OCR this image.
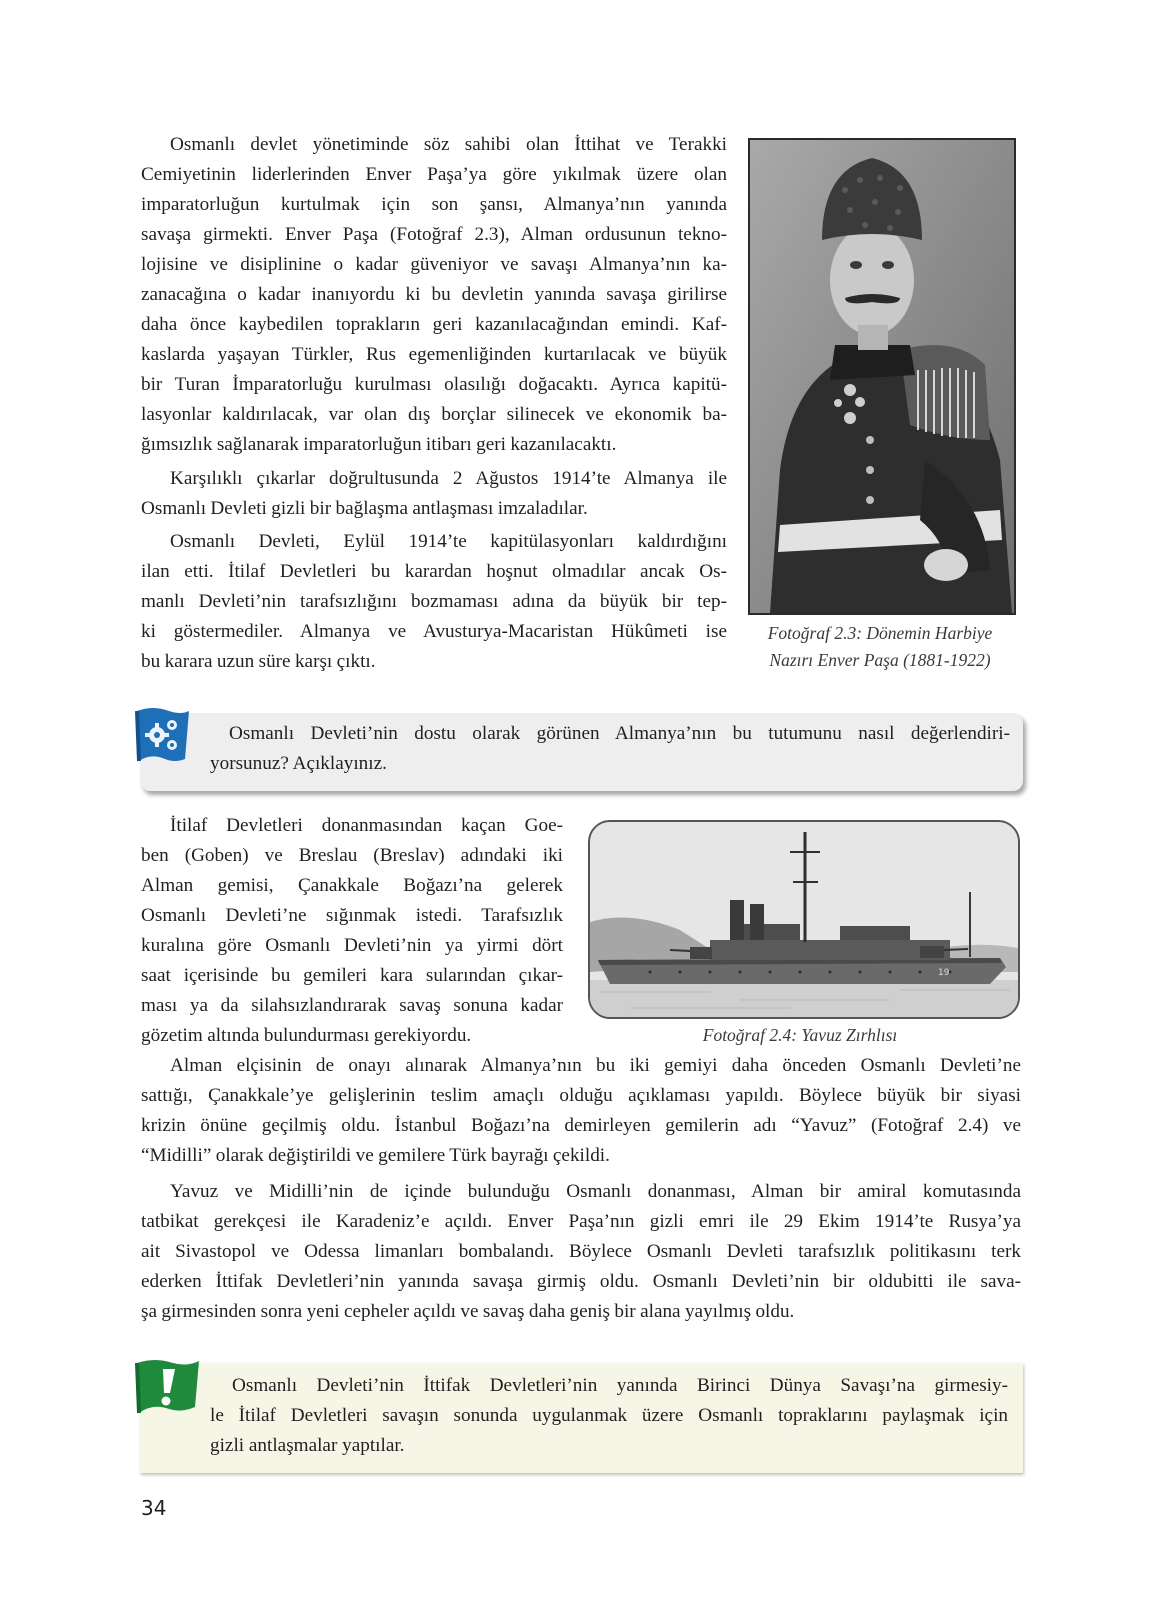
Osmanlı devlet yönetiminde söz sahibi olan İttihat ve Terakki
Cemiyetinin liderlerinden Enver Paşa’ya göre yıkılmak üzere olan
imparatorluğun kurtulmak için son şansı, Almanya’nın yanında
savaşa girmekti. Enver Paşa (Fotoğraf 2.3), Alman ordusunun tekno-
lojisine ve disiplinine o kadar güveniyor ve savaşı Almanya’nın ka-
zanacağına o kadar inanıyordu ki bu devletin yanında savaşa girilirse
daha önce kaybedilen toprakların geri kazanılacağından emindi. Kaf-
kaslarda yaşayan Türkler, Rus egemenliğinden kurtarılacak ve büyük
bir Turan İmparatorluğu kurulması olasılığı doğacaktı. Ayrıca kapitü-
lasyonlar kaldırılacak, var olan dış borçlar silinecek ve ekonomik ba-
ğımsızlık sağlanarak imparatorluğun itibarı geri kazanılacaktı.
Karşılıklı çıkarlar doğrultusunda 2 Ağustos 1914’te Almanya ile
Osmanlı Devleti gizli bir bağlaşma antlaşması imzaladılar.
Osmanlı Devleti, Eylül 1914’te kapitülasyonları kaldırdığını
ilan etti. İtilaf Devletleri bu karardan hoşnut olmadılar ancak Os-
manlı Devleti’nin tarafsızlığını bozmaması adına da büyük bir tep-
ki göstermediler. Almanya ve Avusturya-Macaristan Hükûmeti ise
bu karara uzun süre karşı çıktı.
Fotoğraf 2.3: Dönemin Harbiye
Nazırı Enver Paşa (1881-1922)
Osmanlı Devleti’nin dostu olarak görünen Almanya’nın bu tutumunu nasıl değerlendiri-
yorsunuz? Açıklayınız.
İtilaf Devletleri donanmasından kaçan Goe-
ben (Goben) ve Breslau (Breslav) adındaki iki
Alman gemisi, Çanakkale Boğazı’na gelerek
Osmanlı Devleti’ne sığınmak istedi. Tarafsızlık
kuralına göre Osmanlı Devleti’nin ya yirmi dört
saat içerisinde bu gemileri kara sularından çıkar-
ması ya da silahsızlandırarak savaş sonuna kadar
gözetim altında bulundurması gerekiyordu.
19
Fotoğraf 2.4: Yavuz Zırhlısı
Alman elçisinin de onayı alınarak Almanya’nın bu iki gemiyi daha önceden Osmanlı Devleti’ne
sattığı, Çanakkale’ye gelişlerinin teslim amaçlı olduğu açıklaması yapıldı. Böylece büyük bir siyasi
krizin önüne geçilmiş oldu. İstanbul Boğazı’na demirleyen gemilerin adı “Yavuz” (Fotoğraf 2.4) ve
“Midilli” olarak değiştirildi ve gemilere Türk bayrağı çekildi.
Yavuz ve Midilli’nin de içinde bulunduğu Osmanlı donanması, Alman bir amiral komutasında
tatbikat gerekçesi ile Karadeniz’e açıldı. Enver Paşa’nın gizli emri ile 29 Ekim 1914’te Rusya’ya
ait Sivastopol ve Odessa limanları bombalandı. Böylece Osmanlı Devleti tarafsızlık politikasını terk
ederken İttifak Devletleri’nin yanında savaşa girmiş oldu. Osmanlı Devleti’nin bir oldubitti ile sava-
şa girmesinden sonra yeni cepheler açıldı ve savaş daha geniş bir alana yayılmış oldu.
Osmanlı Devleti’nin İttifak Devletleri’nin yanında Birinci Dünya Savaşı’na girmesiy-
le İtilaf Devletleri savaşın sonunda uygulanmak üzere Osmanlı topraklarını paylaşmak için
gizli antlaşmalar yaptılar.
34
